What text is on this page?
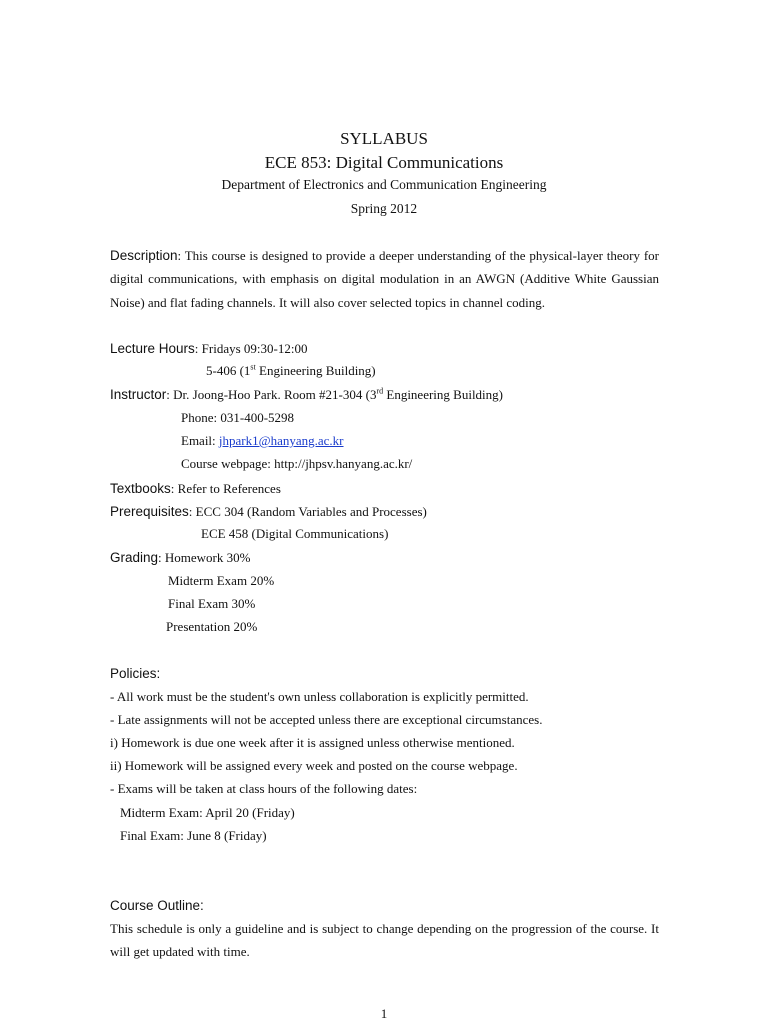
SYLLABUS
ECE 853: Digital Communications
Department of Electronics and Communication Engineering
Spring 2012
Description: This course is designed to provide a deeper understanding of the physical-layer theory for digital communications, with emphasis on digital modulation in an AWGN (Additive White Gaussian Noise) and flat fading channels. It will also cover selected topics in channel coding.
Lecture Hours: Fridays 09:30-12:00
5-406 (1st Engineering Building)
Instructor: Dr. Joong-Hoo Park. Room #21-304 (3rd Engineering Building)
Phone: 031-400-5298
Email: jhpark1@hanyang.ac.kr
Course webpage: http://jhpsv.hanyang.ac.kr/
Textbooks: Refer to References
Prerequisites: ECC 304 (Random Variables and Processes)
ECE 458 (Digital Communications)
Grading: Homework 30%
Midterm Exam 20%
Final Exam 30%
Presentation 20%
Policies:
- All work must be the student's own unless collaboration is explicitly permitted.
- Late assignments will not be accepted unless there are exceptional circumstances.
i) Homework is due one week after it is assigned unless otherwise mentioned.
ii) Homework will be assigned every week and posted on the course webpage.
- Exams will be taken at class hours of the following dates:
Midterm Exam: April 20 (Friday)
Final Exam: June 8 (Friday)
Course Outline:
This schedule is only a guideline and is subject to change depending on the progression of the course. It will get updated with time.
1
